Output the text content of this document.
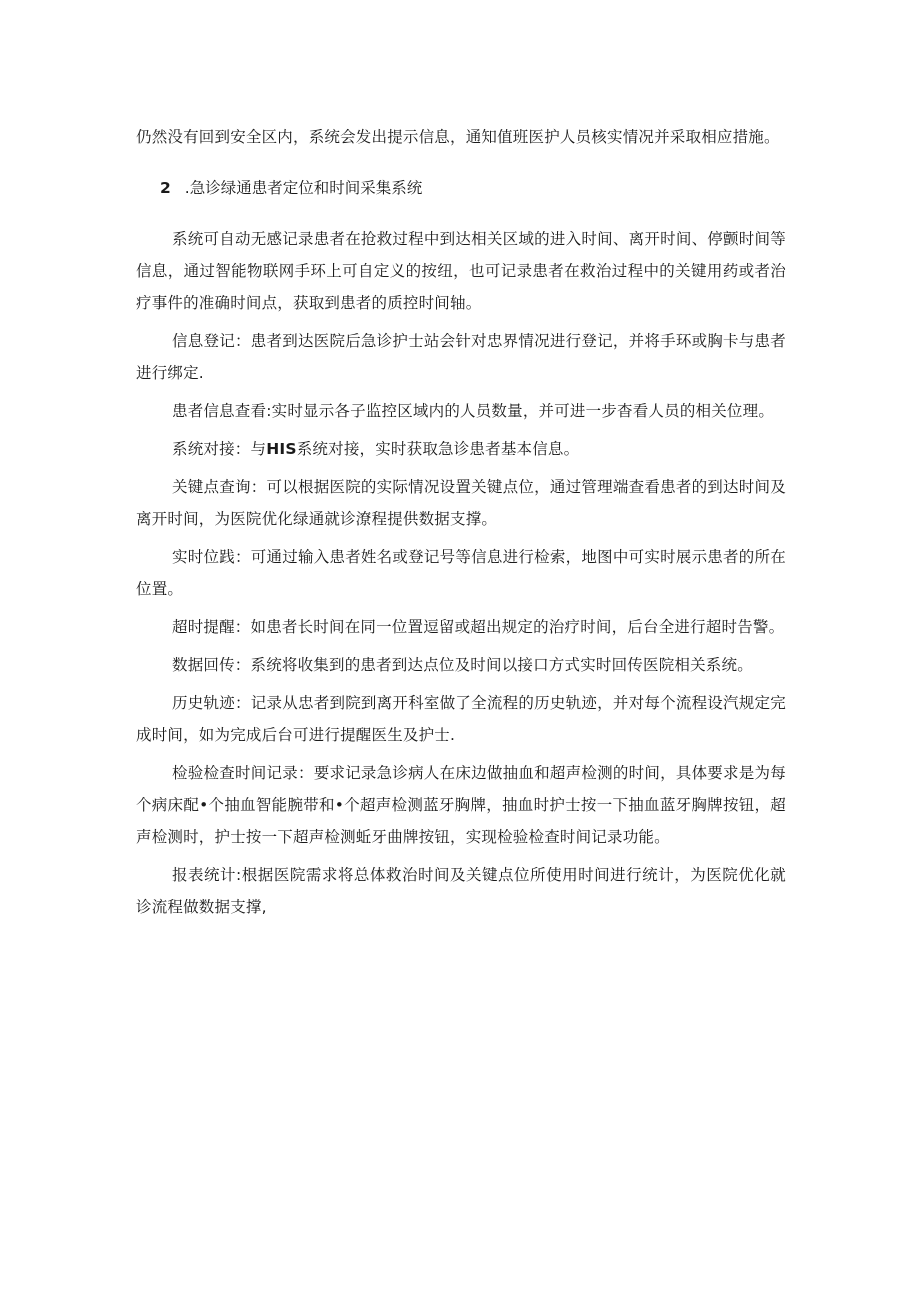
仍然没有回到安全区内，系统会发出提示信息，通知值班医护人员核实情况并采取相应措施。

2 .急诊绿通患者定位和时间采集系统

系统可自动无感记录患者在抢救过程中到达相关区域的进入时间、离开时间、停颤时间等信息，通过智能物联网手环上可自定义的按纽，也可记录患者在救治过程中的关键用药或者治疗事件的准确时间点，获取到患者的质控时间轴。

信息登记：患者到达医院后急诊护士站会针对忠界情况进行登记，并将手环或胸卡与患者进行绑定.

患者信息查看:实时显示各子监控区域内的人员数量，并可进一步杳看人员的相关位理。

系统对接：与HIS系统对接，实时获取急诊患者基本信息。

关键点查询：可以根据医院的实际情况设置关键点位，通过管理端查看患者的到达时间及离开时间，为医院优化绿通就诊潦程提供数据支撑。

实时位践：可通过输入患者姓名或登记号等信息进行检索，地图中可实时展示患者的所在位置。

超时提醒：如患者长时间在同一位置逗留或超出规定的治疗时间，后台全进行超时告警。

数据回传：系统将收集到的患者到达点位及时间以接口方式实时回传医院相关系统。

历史轨迹：记录从忠者到院到离开科室做了全流程的历史轨迹，并对每个流程设汽规定完成时间，如为完成后台可进行提醒医生及护士.

检验检查时间记录：要求记录急诊病人在床边做抽血和超声检测的时间，具体要求是为每个病床配•个抽血智能腕带和•个超声检测蓝牙胸牌，抽血时护士按一下抽血蓝牙胸牌按钮，超声检测时，护士按一下超声检测蚯牙曲牌按钮，实现检验检查时间记录功能。

报表统计:根据医院需求将总体救治时间及关键点位所使用时间进行统计，为医院优化就诊流程做数据支撑,
